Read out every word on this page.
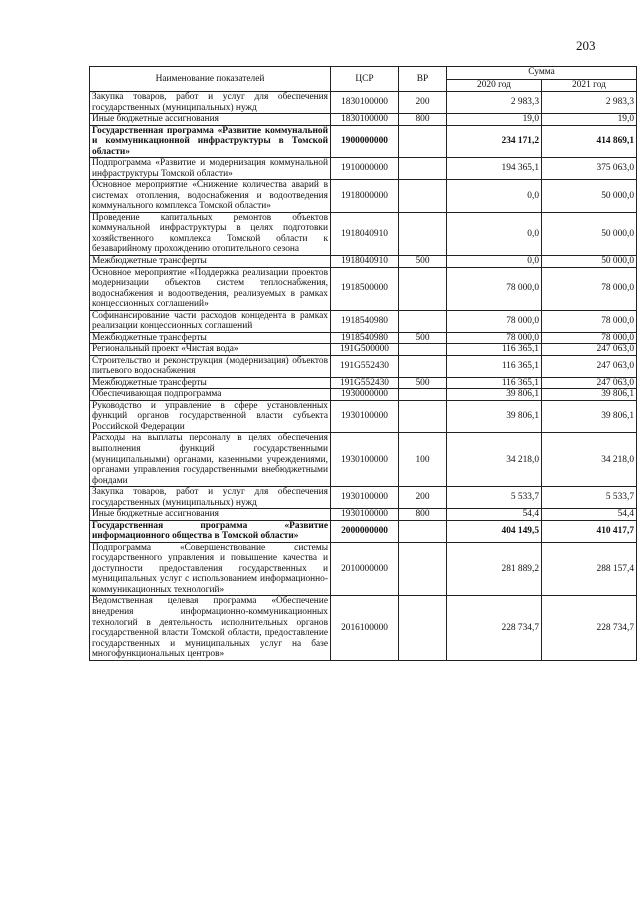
203
Наименование показателей	ЦСР	ВР	Сумма	
			2020 год	2021 год
Закупка товаров, работ и услуг для обеспечения государственных (муниципальных) нужд	1830100000	200	2 983,3	2 983,3
Иные бюджетные ассигнования	1830100000	800	19,0	19,0
Государственная программа «Развитие коммунальной и коммуникационной инфраструктуры в Томской области»	1900000000		234 171,2	414 869,1
Подпрограмма «Развитие и модернизация коммунальной инфраструктуры Томской области»	1910000000		194 365,1	375 063,0
Основное мероприятие «Снижение количества аварий в системах отопления, водоснабжения и водоотведения коммунального комплекса Томской области»	1918000000		0,0	50 000,0
Проведение капитальных ремонтов объектов коммунальной инфраструктуры в целях подготовки хозяйственного комплекса Томской области к безаварийному прохождению отопительного сезона	1918040910		0,0	50 000,0
Межбюджетные трансферты	1918040910	500	0,0	50 000,0
Основное мероприятие «Поддержка реализации проектов модернизации объектов систем теплоснабжения, водоснабжения и водоотведения, реализуемых в рамках концессионных соглашений»	1918500000		78 000,0	78 000,0
Софинансирование части расходов концедента в рамках реализации концессионных соглашений	1918540980		78 000,0	78 000,0
Межбюджетные трансферты	1918540980	500	78 000,0	78 000,0
Региональный проект «Чистая вода»	191G500000		116 365,1	247 063,0
Строительство и реконструкция (модернизация) объектов питьевого водоснабжения	191G552430		116 365,1	247 063,0
Межбюджетные трансферты	191G552430	500	116 365,1	247 063,0
Обеспечивающая подпрограмма	1930000000		39 806,1	39 806,1
Руководство и управление в сфере установленных функций органов государственной власти субъекта Российской Федерации	1930100000		39 806,1	39 806,1
Расходы на выплаты персоналу в целях обеспечения выполнения функций государственными (муниципальными) органами, казенными учреждениями, органами управления государственными внебюджетными фондами	1930100000	100	34 218,0	34 218,0
Закупка товаров, работ и услуг для обеспечения государственных (муниципальных) нужд	1930100000	200	5 533,7	5 533,7
Иные бюджетные ассигнования	1930100000	800	54,4	54,4
Государственная программа «Развитие информационного общества в Томской области»	2000000000		404 149,5	410 417,7
Подпрограмма «Совершенствование системы государственного управления и повышение качества и доступности предоставления государственных и муниципальных услуг с использованием информационно-коммуникационных технологий»	2010000000		281 889,2	288 157,4
Ведомственная целевая программа «Обеспечение внедрения информационно-коммуникационных технологий в деятельность исполнительных органов государственной власти Томской области, предоставление государственных и муниципальных услуг на базе многофункциональных центров»	2016100000		228 734,7	228 734,7
